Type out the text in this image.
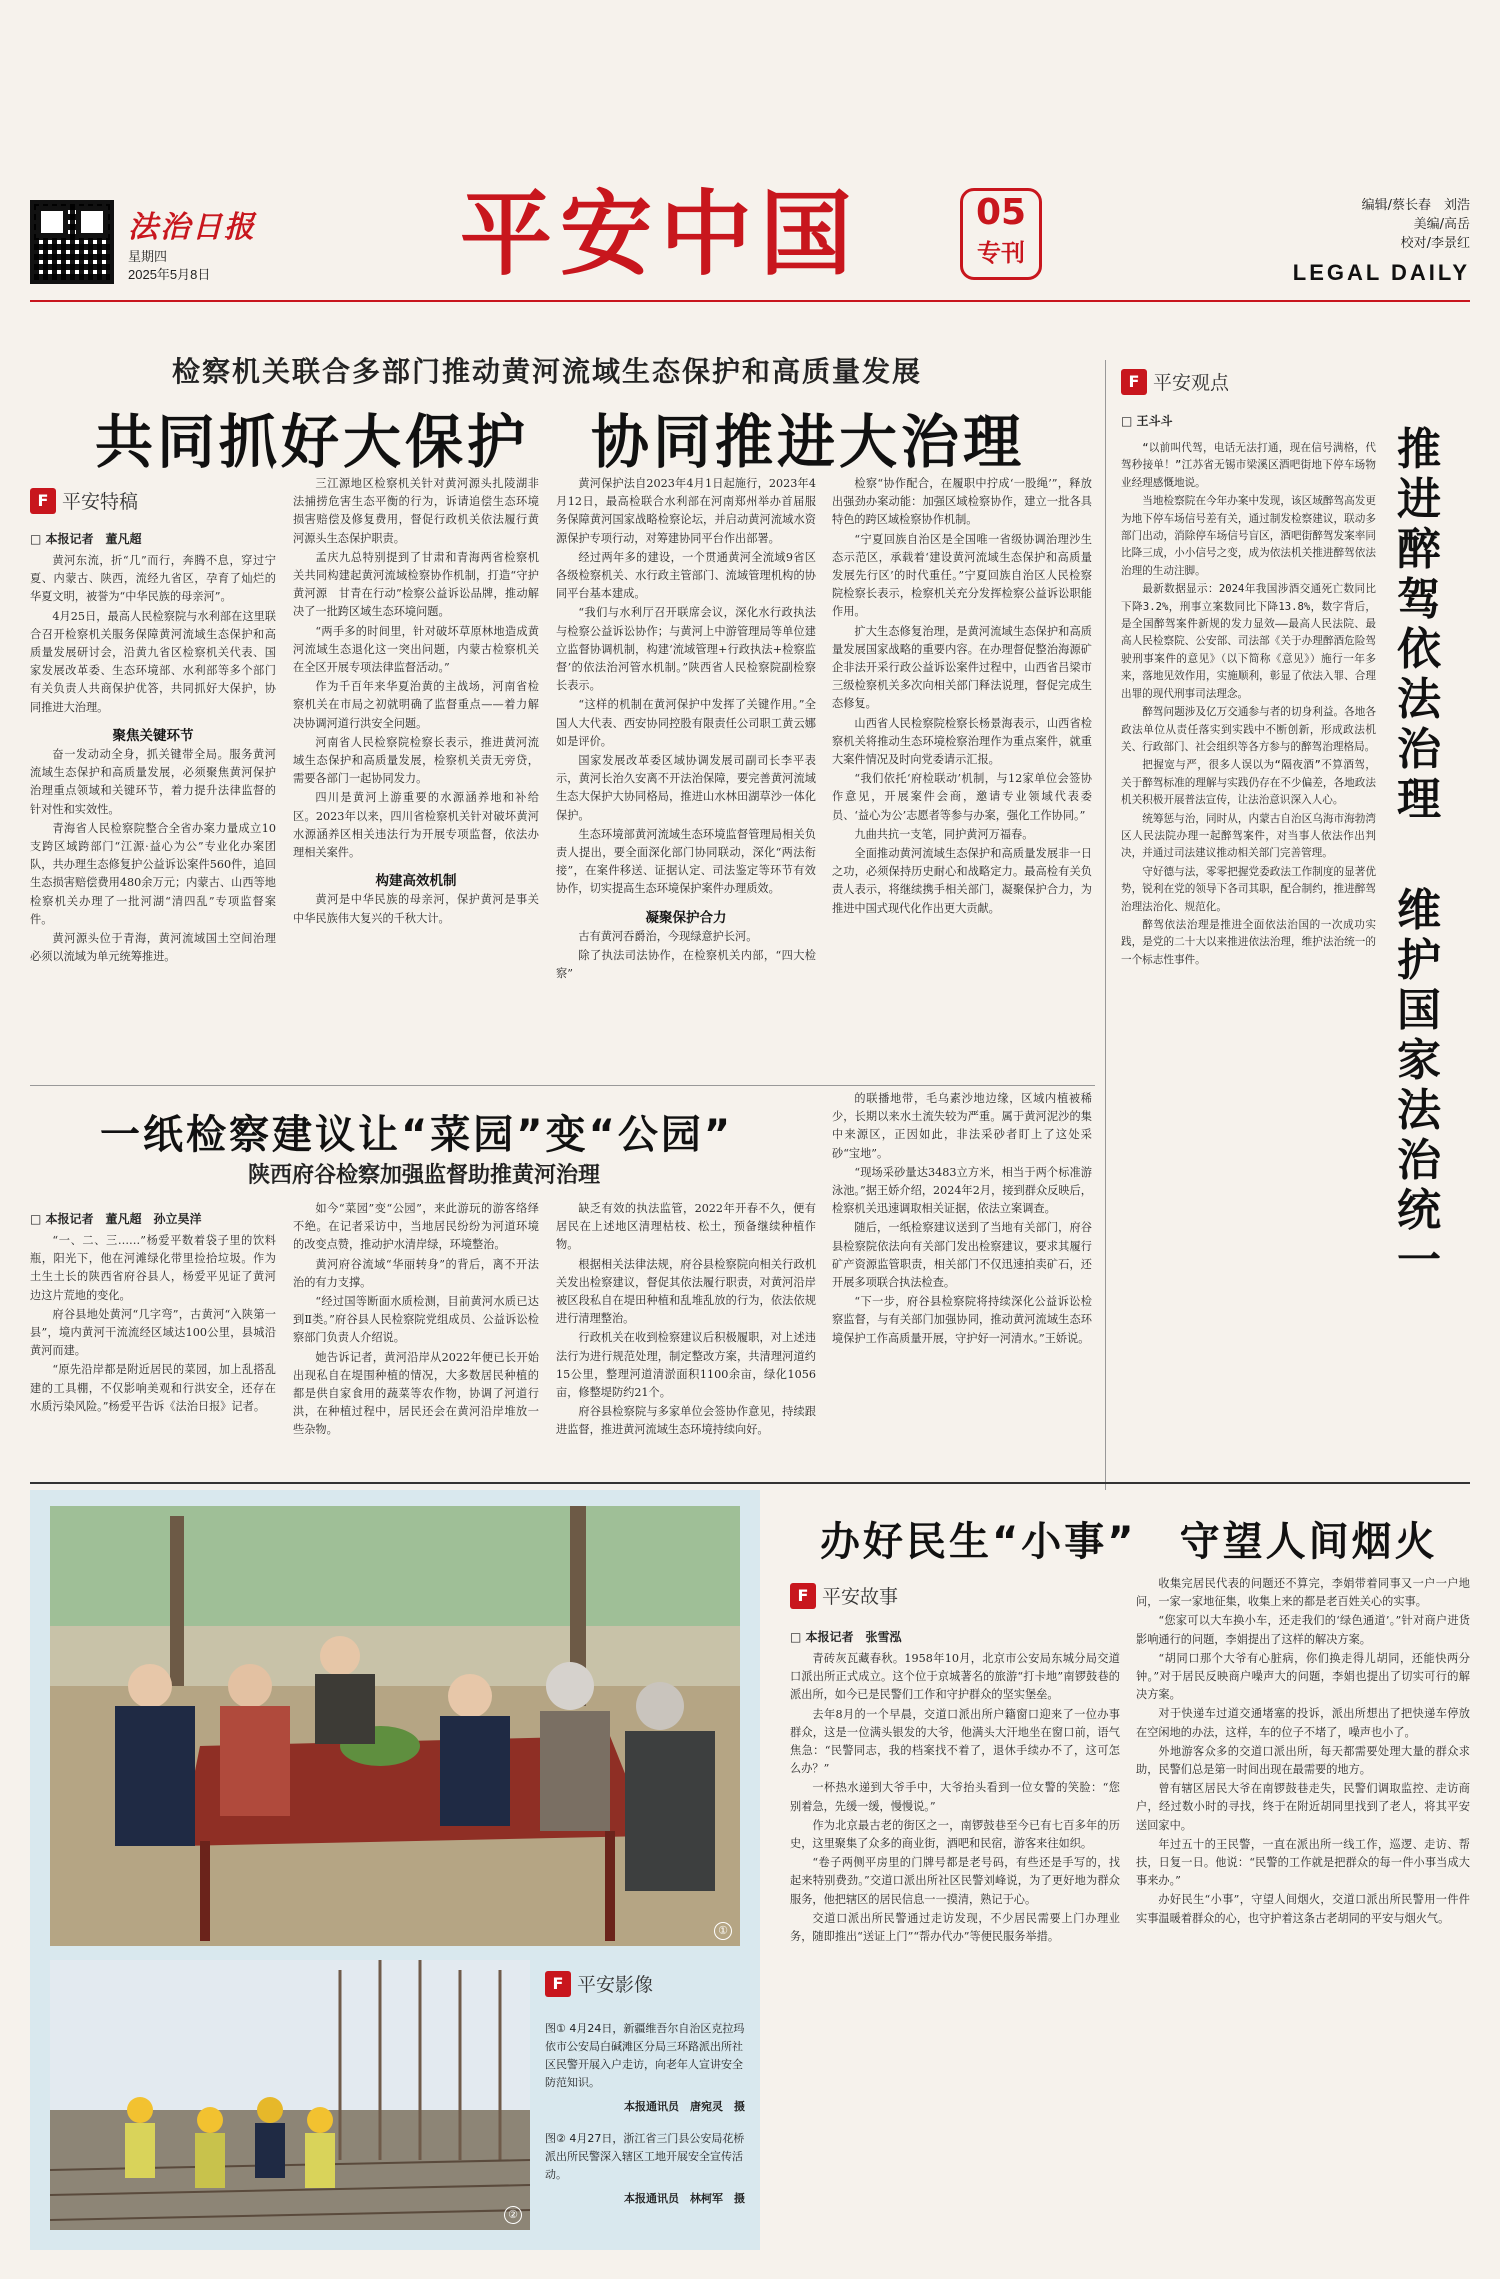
法治日报
星期四
2025年5月8日	平安中国	05
专刊
编辑/蔡长春　刘浩
美编/高岳
校对/李景红
LEGAL DAILY
检察机关联合多部门推动黄河流域生态保护和高质量发展
共同抓好大保护　协同推进大治理
F 平安特稿
□ 本报记者　董凡超

黄河东流，折“几”而行，奔腾不息，穿过宁夏、内蒙古、陕西，流经九省区，孕育了灿烂的华夏文明，被誉为“中华民族的母亲河”。

4月25日，最高人民检察院与水利部在这里联合召开检察机关服务保障黄河流域生态保护和高质量发展研讨会，沿黄九省区检察机关代表、国家发展改革委、生态环境部、水利部等多个部门有关负责人共商保护优答，共同抓好大保护，协同推进大治理。

聚焦关键环节

奋一发动动全身，抓关键带全局。服务黄河流域生态保护和高质量发展，必须聚焦黄河保护治理重点领域和关键环节，着力提升法律监督的针对性和实效性。

青海省人民检察院整合全省办案力量成立10支跨区域跨部门“江源·益心为公”专业化办案团队，共办理生态修复护公益诉讼案件560件，追回生态损害赔偿费用480余万元；内蒙古、山西等地检察机关办理了一批河湖“清四乱”专项监督案件。

黄河源头位于青海，黄河流域国土空间治理必须以流域为单元统筹推进。

三江源地区检察机关针对黄河源头扎陵湖非法捕捞危害生态平衡的行为，诉请追偿生态环境损害赔偿及修复费用，督促行政机关依法履行黄河源头生态保护职责。

孟庆九总特别提到了甘肃和青海两省检察机关共同构建起黄河流域检察协作机制，打造“守护黄河源　甘青在行动”检察公益诉讼品牌，推动解决了一批跨区域生态环境问题。

“两手多的时间里，针对破坏草原林地造成黄河流域生态退化这一突出问题，内蒙古检察机关在全区开展专项法律监督活动。”

作为千百年来华夏治黄的主战场，河南省检察机关在市局之初就明确了监督重点——着力解决协调河道行洪安全问题。

河南省人民检察院检察长表示，推进黄河流域生态保护和高质量发展，检察机关责无旁贷，需要各部门一起协同发力。

四川是黄河上游重要的水源涵养地和补给区。2023年以来，四川省检察机关针对破坏黄河水源涵养区相关违法行为开展专项监督，依法办理相关案件。

构建高效机制

黄河是中华民族的母亲河，保护黄河是事关中华民族伟大复兴的千秋大计。

黄河保护法自2023年4月1日起施行，2023年4月12日，最高检联合水利部在河南郑州举办首届服务保障黄河国家战略检察论坛，并启动黄河流域水资源保护专项行动，对筹建协同平台作出部署。

经过两年多的建设，一个贯通黄河全流域9省区各级检察机关、水行政主管部门、流域管理机构的协同平台基本建成。

“我们与水利厅召开联席会议，深化水行政执法与检察公益诉讼协作；与黄河上中游管理局等单位建立监督协调机制，构建‘流域管理+行政执法+检察监督’的依法治河管水机制。”陕西省人民检察院副检察长表示。

“这样的机制在黄河保护中发挥了关键作用。”全国人大代表、西安协同控股有限责任公司职工黄云娜如是评价。

国家发展改革委区域协调发展司副司长李平表示，黄河长治久安离不开法治保障，要完善黄河流域生态大保护大协同格局，推进山水林田湖草沙一体化保护。

生态环境部黄河流域生态环境监督管理局相关负责人提出，要全面深化部门协同联动，深化“两法衔接”，在案件移送、证据认定、司法鉴定等环节有效协作，切实提高生态环境保护案件办理质效。

凝聚保护合力

古有黄河吞爵治，今现绿意护长河。

除了执法司法协作，在检察机关内部，“四大检察”

检察“协作配合，在履职中拧成‘一股绳’”，释放出强劲办案动能：加强区域检察协作，建立一批各具特色的跨区域检察协作机制。

“宁夏回族自治区是全国唯一省级协调治理沙生态示范区，承载着‘建设黄河流域生态保护和高质量发展先行区’的时代重任。”宁夏回族自治区人民检察院检察长表示，检察机关充分发挥检察公益诉讼职能作用。

扩大生态修复治理，是黄河流域生态保护和高质量发展国家战略的重要内容。在办理督促整治海源矿企非法开采行政公益诉讼案件过程中，山西省吕梁市三级检察机关多次向相关部门释法说理，督促完成生态修复。

山西省人民检察院检察长杨景海表示，山西省检察机关将推动生态环境检察治理作为重点案件，就重大案件情况及时向党委请示汇报。

“我们依托‘府检联动’机制，与12家单位会签协作意见，开展案件会商，邀请专业领域代表委员、‘益心为公’志愿者等参与办案，强化工作协同。”

九曲共抗一支笔，同护黄河万福春。

全面推动黄河流域生态保护和高质量发展非一日之功，必须保持历史耐心和战略定力。最高检有关负责人表示，将继续携手相关部门，凝聚保护合力，为推进中国式现代化作出更大贡献。

F 平安观点
□ 王斗斗
推进醉驾依法治理
维护国家法治统一

“以前叫代驾，电话无法打通，现在信号满格，代驾秒接单！”江苏省无锡市梁溪区酒吧街地下停车场物业经理感慨地说。

当地检察院在今年办案中发现，该区域醉驾高发更为地下停车场信号差有关，通过制发检察建议，联动多部门出动，消除停车场信号盲区，酒吧街醉驾发案率同比降三成，小小信号之变，成为依法机关推进醉驾依法治理的生动注脚。

最新数据显示：2024年我国涉酒交通死亡数同比下降3.2%，刑事立案数同比下降13.8%，数字背后，是全国醉驾案件新规的发力显效——最高人民法院、最高人民检察院、公安部、司法部《关于办理醉酒危险驾驶刑事案件的意见》（以下简称《意见》）施行一年多来，落地见效作用，实施顺利，彰显了依法入罪、合理出罪的现代刑事司法理念。

醉驾问题涉及亿万交通参与者的切身利益。各地各政法单位从责任落实到实践中不断创新，形成政法机关、行政部门、社会组织等各方参与的醉驾治理格局。

把握宽与严，很多人误以为“隔夜酒”不算酒驾，关于醉驾标准的理解与实践仍存在不少偏差，各地政法机关积极开展普法宣传，让法治意识深入人心。

统筹惩与治，同时从，内蒙古自治区乌海市海勃湾区人民法院办理一起醉驾案件，对当事人依法作出判决，并通过司法建议推动相关部门完善管理。

守好德与法，零零把握党委政法工作制度的显著优势，锐利在党的领导下各司其职，配合制约，推进醉驾治理法治化、规范化。

醉驾依法治理是推进全面依法治国的一次成功实践，是党的二十大以来推进依法治理，维护法治统一的一个标志性事件。

一纸检察建议让“菜园”变“公园”
陕西府谷检察加强监督助推黄河治理
□ 本报记者　董凡超　孙立昊洋

“一、二、三……”杨爱平数着袋子里的饮料瓶，阳光下，他在河滩绿化带里捡拾垃圾。作为土生土长的陕西省府谷县人，杨爱平见证了黄河边这片荒地的变化。

府谷县地处黄河“几字弯”，古黄河“入陕第一县”，境内黄河干流流经区域达100公里，县城沿黄河而建。

“原先沿岸都是附近居民的菜园，加上乱搭乱建的工具棚，不仅影响美观和行洪安全，还存在水质污染风险。”杨爱平告诉《法治日报》记者。

如今“菜园”变“公园”，来此游玩的游客络绎不绝。在记者采访中，当地居民纷纷为河道环境的改变点赞，推动护水清岸绿，环境整治。

黄河府谷流域“华丽转身”的背后，离不开法治的有力支撑。

“经过国等断面水质检测，目前黄河水质已达到Ⅱ类。”府谷县人民检察院党组成员、公益诉讼检察部门负责人介绍说。

她告诉记者，黄河沿岸从2022年便已长开始出现私自在堤围种植的情况，大多数居民种植的都是供自家食用的蔬菜等农作物，协调了河道行洪，在种植过程中，居民还会在黄河沿岸堆放一些杂物。

缺乏有效的执法监管，2022年开春不久，便有居民在上述地区清理枯枝、松土，预备继续种植作物。

根据相关法律法规，府谷县检察院向相关行政机关发出检察建议，督促其依法履行职责，对黄河沿岸被区段私自在堤田种植和乱堆乱放的行为，依法依规进行清理整治。

行政机关在收到检察建议后积极履职，对上述违法行为进行规范处理，制定整改方案，共清理河道约15公里，整理河道清淤面积1100余亩，绿化1056亩，修整堤防约21个。

府谷县检察院与多家单位会签协作意见，持续跟进监督，推进黄河流域生态环境持续向好。

的联播地带，毛乌素沙地边缘，区域内植被稀少，长期以来水土流失较为严重。属于黄河泥沙的集中来源区，正因如此，非法采砂者盯上了这处采砂“宝地”。

“现场采砂量达3483立方米，相当于两个标准游泳池。”据王娇介绍，2024年2月，接到群众反映后，检察机关迅速调取相关证据，依法立案调查。

随后，一纸检察建议送到了当地有关部门，府谷县检察院依法向有关部门发出检察建议，要求其履行矿产资源监管职责，相关部门不仅迅速拍卖矿石，还开展多项联合执法检查。

“下一步，府谷县检察院将持续深化公益诉讼检察监督，与有关部门加强协同，推动黄河流域生态环境保护工作高质量开展，守护好一河清水。”王娇说。

①
②
F 平安影像
图① 4月24日，新疆维吾尔自治区克拉玛依市公安局白碱滩区分局三环路派出所社区民警开展入户走访，向老年人宣讲安全防范知识。
本报通讯员　唐宛灵　摄
图② 4月27日，浙江省三门县公安局花桥派出所民警深入辖区工地开展安全宣传活动。
本报通讯员　林柯军　摄
办好民生“小事”　守望人间烟火
F 平安故事
□ 本报记者　张雪泓

青砖灰瓦藏春秋。1958年10月，北京市公安局东城分局交道口派出所正式成立。这个位于京城著名的旅游“打卡地”南锣鼓巷的派出所，如今已是民警们工作和守护群众的坚实堡垒。

去年8月的一个早晨，交道口派出所户籍窗口迎来了一位办事群众，这是一位满头银发的大爷，他满头大汗地坐在窗口前，语气焦急：“民警同志，我的档案找不着了，退休手续办不了，这可怎么办？”

一杯热水递到大爷手中，大爷抬头看到一位女警的笑脸：“您别着急，先缓一缓，慢慢说。”

作为北京最古老的街区之一，南锣鼓巷至今已有七百多年的历史，这里聚集了众多的商业街，酒吧和民宿，游客来往如织。

“卷子两侧平房里的门牌号都是老号码，有些还是手写的，找起来特别费劲。”交道口派出所社区民警刘峰说，为了更好地为群众服务，他把辖区的居民信息一一摸清，熟记于心。

交道口派出所民警通过走访发现，不少居民需要上门办理业务，随即推出“送证上门”“帮办代办”等便民服务举措。

收集完居民代表的问题还不算完，李娟带着同事又一户一户地问，一家一家地征集，收集上来的都是老百姓关心的实事。

“您家可以大车换小车，还走我们的‘绿色通道’。”针对商户进货影响通行的问题，李娟提出了这样的解决方案。

“胡同口那个大爷有心脏病，你们换走得儿胡同，还能快两分钟。”对于居民反映商户噪声大的问题，李娟也提出了切实可行的解决方案。

对于快递车过道交通堵塞的投诉，派出所想出了把快递车停放在空闲地的办法，这样，车的位子不堵了，噪声也小了。

外地游客众多的交道口派出所，每天都需要处理大量的群众求助，民警们总是第一时间出现在最需要的地方。

曾有辖区居民大爷在南锣鼓巷走失，民警们调取监控、走访商户，经过数小时的寻找，终于在附近胡同里找到了老人，将其平安送回家中。

年过五十的王民警，一直在派出所一线工作，巡逻、走访、帮扶，日复一日。他说：“民警的工作就是把群众的每一件小事当成大事来办。”

办好民生“小事”，守望人间烟火，交道口派出所民警用一件件实事温暖着群众的心，也守护着这条古老胡同的平安与烟火气。
